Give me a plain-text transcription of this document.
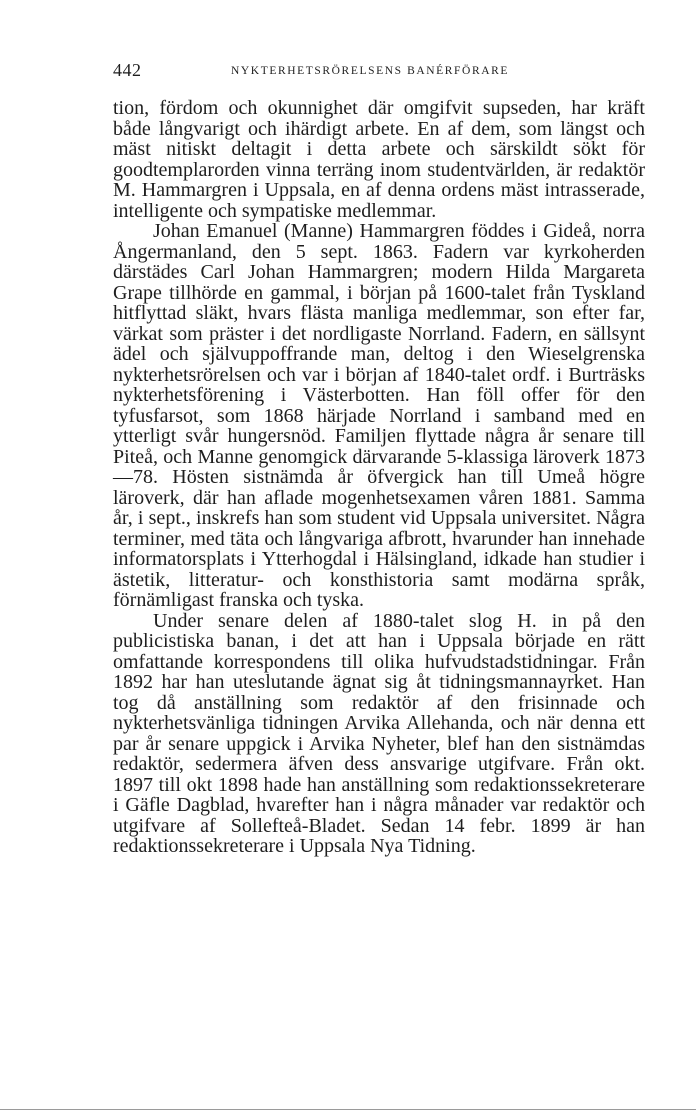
442	NYKTERHETSRÖRELSENS BANÉRFÖRARE

tion, fördom och okunnighet där omgifvit supseden, har kräft både långvarigt och ihärdigt arbete. En af dem, som längst och mäst nitiskt deltagit i detta arbete och särskildt sökt för goodtemplarorden vinna terräng inom studentvärlden, är redaktör M. Hammargren i Uppsala, en af denna ordens mäst intrasserade, intelligente och sympatiske medlemmar.

Johan Emanuel (Manne) Hammargren föddes i Gideå, norra Ångermanland, den 5 sept. 1863. Fadern var kyrkoherden därstädes Carl Johan Hammargren; modern Hilda Margareta Grape tillhörde en gammal, i början på 1600-talet från Tyskland hitflyttad släkt, hvars flästa manliga medlemmar, son efter far, värkat som präster i det nordligaste Norrland. Fadern, en sällsynt ädel och självuppoffrande man, deltog i den Wieselgrenska nykterhetsrörelsen och var i början af 1840-talet ordf. i Burträsks nykterhetsförening i Västerbotten. Han föll offer för den tyfusfarsot, som 1868 härjade Norrland i samband med en ytterligt svår hungersnöd. Familjen flyttade några år senare till Piteå, och Manne genomgick därvarande 5-klassiga läroverk 1873—78. Hösten sistnämda år öfvergick han till Umeå högre läroverk, där han aflade mogenhetsexamen våren 1881. Samma år, i sept., inskrefs han som student vid Uppsala universitet. Några terminer, med täta och långvariga afbrott, hvarunder han innehade informatorsplats i Ytterhogdal i Hälsingland, idkade han studier i ästetik, litteratur- och konsthistoria samt modärna språk, förnämligast franska och tyska.

Under senare delen af 1880-talet slog H. in på den publicistiska banan, i det att han i Uppsala började en rätt omfattande korrespondens till olika hufvudstadstidningar. Från 1892 har han uteslutande ägnat sig åt tidningsmannayrket. Han tog då anställning som redaktör af den frisinnade och nykterhetsvänliga tidningen Arvika Allehanda, och när denna ett par år senare uppgick i Arvika Nyheter, blef han den sistnämdas redaktör, sedermera äfven dess ansvarige utgifvare. Från okt. 1897 till okt 1898 hade han anställning som redaktionssekreterare i Gäfle Dagblad, hvarefter han i några månader var redaktör och utgifvare af Sollefteå-Bladet. Sedan 14 febr. 1899 är han redaktionssekreterare i Uppsala Nya Tidning.
